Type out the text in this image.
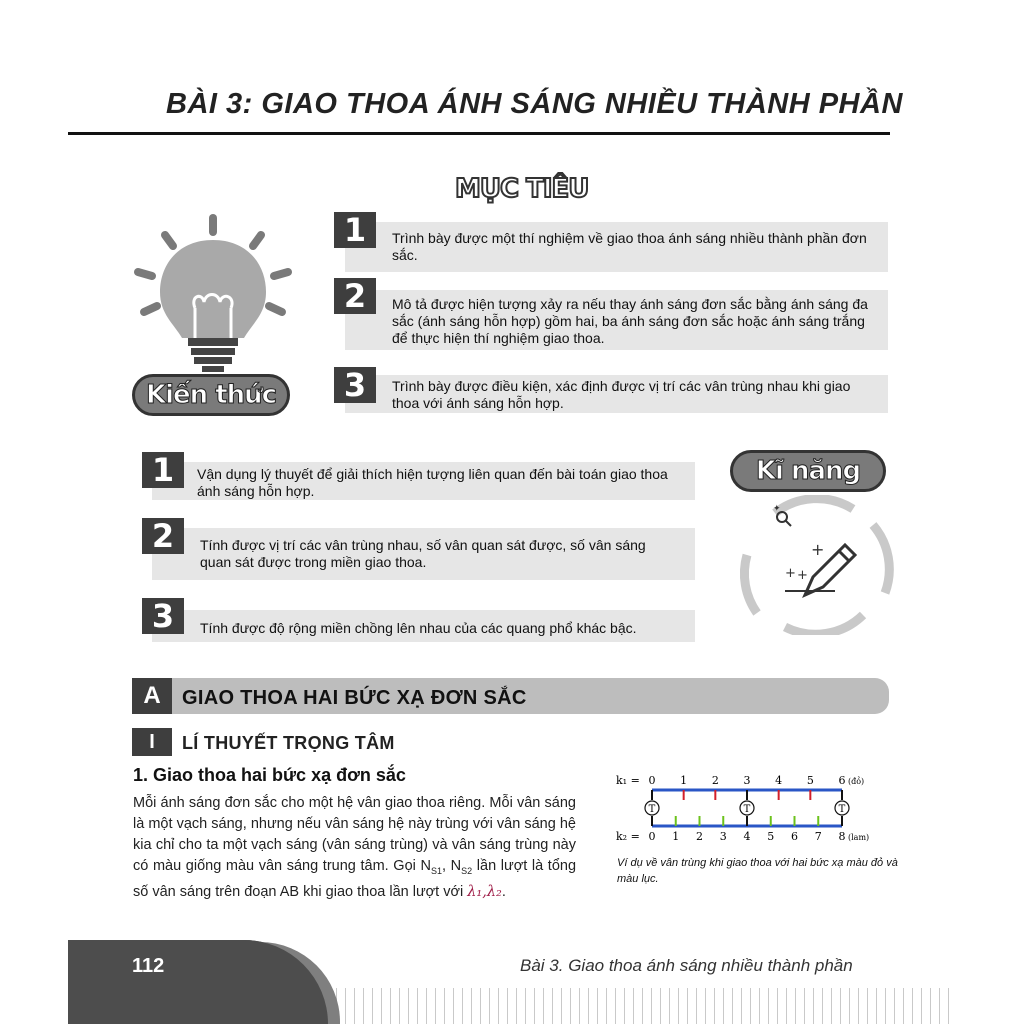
BÀI 3: GIAO THOA ÁNH SÁNG NHIỀU THÀNH PHẦN
MỤC TIÊU
Kiến thức
1	Trình bày được một thí nghiệm về giao thoa ánh sáng nhiều thành phần đơn sắc.
2	Mô tả được hiện tượng xảy ra nếu thay ánh sáng đơn sắc bằng ánh sáng đa sắc (ánh sáng hỗn hợp) gồm hai, ba ánh sáng đơn sắc hoặc ánh sáng trắng để thực hiện thí nghiệm giao thoa.
3	Trình bày được điều kiện, xác định được vị trí các vân trùng nhau khi giao thoa với ánh sáng hỗn hợp.
Kĩ năng
✦
+
+ +
1	Vận dụng lý thuyết để giải thích hiện tượng liên quan đến bài toán giao thoa ánh sáng hỗn hợp.
2	Tính được vị trí các vân trùng nhau, số vân quan sát được, số vân sáng quan sát được trong miền giao thoa.
3	Tính được độ rộng miền chồng lên nhau của các quang phổ khác bậc.
A	GIAO THOA HAI BỨC XẠ ĐƠN SẮC
I	LÍ THUYẾT TRỌNG TÂM
1. Giao thoa hai bức xạ đơn sắc
Mỗi ánh sáng đơn sắc cho một hệ vân giao thoa riêng. Mỗi vân sáng là một vạch sáng, nhưng nếu vân sáng hệ này trùng với vân sáng hệ kia chỉ cho ta một vạch sáng (vân sáng trùng) và vân sáng trùng này có màu giống màu vân sáng trung tâm. Gọi $N_{S1}$, $N_{S2}$ lần lượt là tổng số vân sáng trên đoạn AB khi giao thoa lần lượt với λ₁,λ₂.
k₁ =
k₂ =
0 1 2 3 4 5 6 (đỏ)
0 1 2 3 4 5 6 7 8 (lam)
T	T	T
Ví dụ về vân trùng khi giao thoa với hai bức xạ màu đỏ và màu lục.
112	Bài 3. Giao thoa ánh sáng nhiều thành phần
